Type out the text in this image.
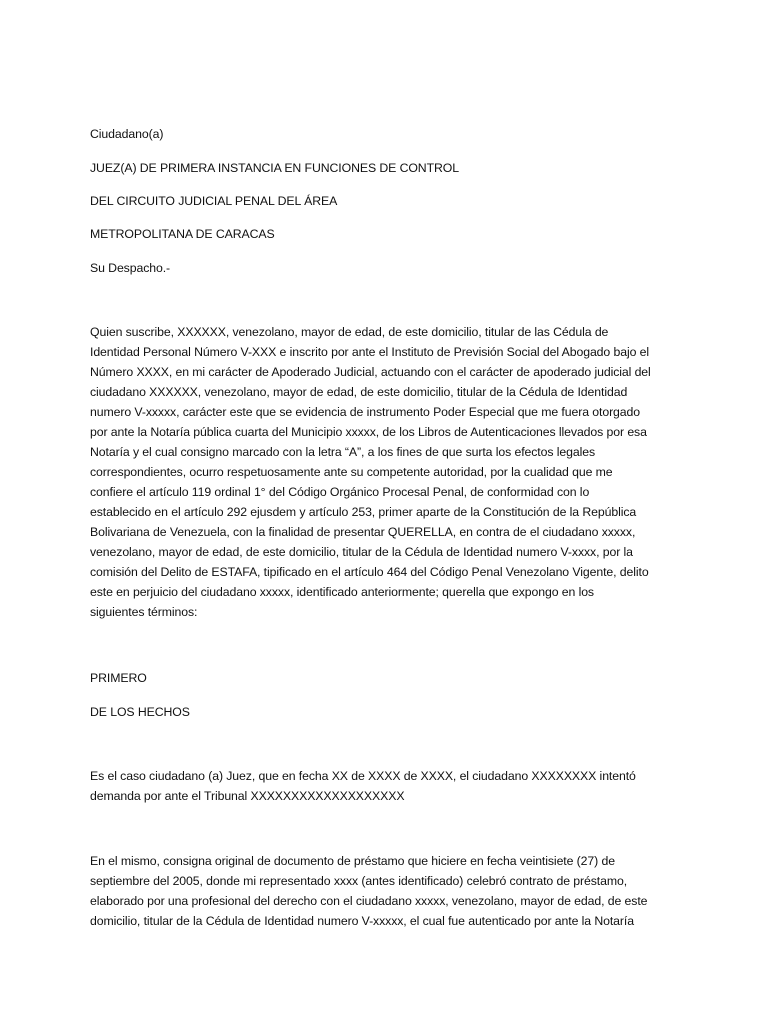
Ciudadano(a)

JUEZ(A) DE PRIMERA INSTANCIA EN FUNCIONES DE CONTROL

DEL CIRCUITO JUDICIAL PENAL DEL ÁREA

METROPOLITANA DE CARACAS

Su Despacho.-

Quien suscribe, XXXXXX, venezolano, mayor de edad, de este domicilio, titular de las Cédula de
Identidad Personal Número V-XXX e inscrito por ante el Instituto de Previsión Social del Abogado bajo el
Número XXXX, en mi carácter de Apoderado Judicial, actuando con el carácter de apoderado judicial del
ciudadano XXXXXX, venezolano, mayor de edad, de este domicilio, titular de la Cédula de Identidad
numero V-xxxxx, carácter este que se evidencia de instrumento Poder Especial que me fuera otorgado
por ante la Notaría pública cuarta del Municipio xxxxx, de los Libros de Autenticaciones llevados por esa
Notaría y el cual consigno marcado con la letra “A”, a los fines de que surta los efectos legales
correspondientes, ocurro respetuosamente ante su competente autoridad, por la cualidad que me
confiere el artículo 119 ordinal 1° del Código Orgánico Procesal Penal, de conformidad con lo
establecido en el artículo 292 ejusdem y artículo 253, primer aparte de la Constitución de la República
Bolivariana de Venezuela, con la finalidad de presentar QUERELLA, en contra de el ciudadano xxxxx,
venezolano, mayor de edad, de este domicilio, titular de la Cédula de Identidad numero V-xxxx, por la
comisión del Delito de ESTAFA, tipificado en el artículo 464 del Código Penal Venezolano Vigente, delito
este en perjuicio del ciudadano xxxxx, identificado anteriormente; querella que expongo en los
siguientes términos:

PRIMERO

DE LOS HECHOS

Es el caso ciudadano (a) Juez, que en fecha XX de XXXX de XXXX, el ciudadano XXXXXXXX intentó
demanda por ante el Tribunal XXXXXXXXXXXXXXXXXXX
En el mismo, consigna original de documento de préstamo que hiciere en fecha veintisiete (27) de
septiembre del 2005, donde mi representado xxxx (antes identificado) celebró contrato de préstamo,
elaborado por una profesional del derecho con el ciudadano xxxxx, venezolano, mayor de edad, de este
domicilio, titular de la Cédula de Identidad numero V-xxxxx, el cual fue autenticado por ante la Notaría
